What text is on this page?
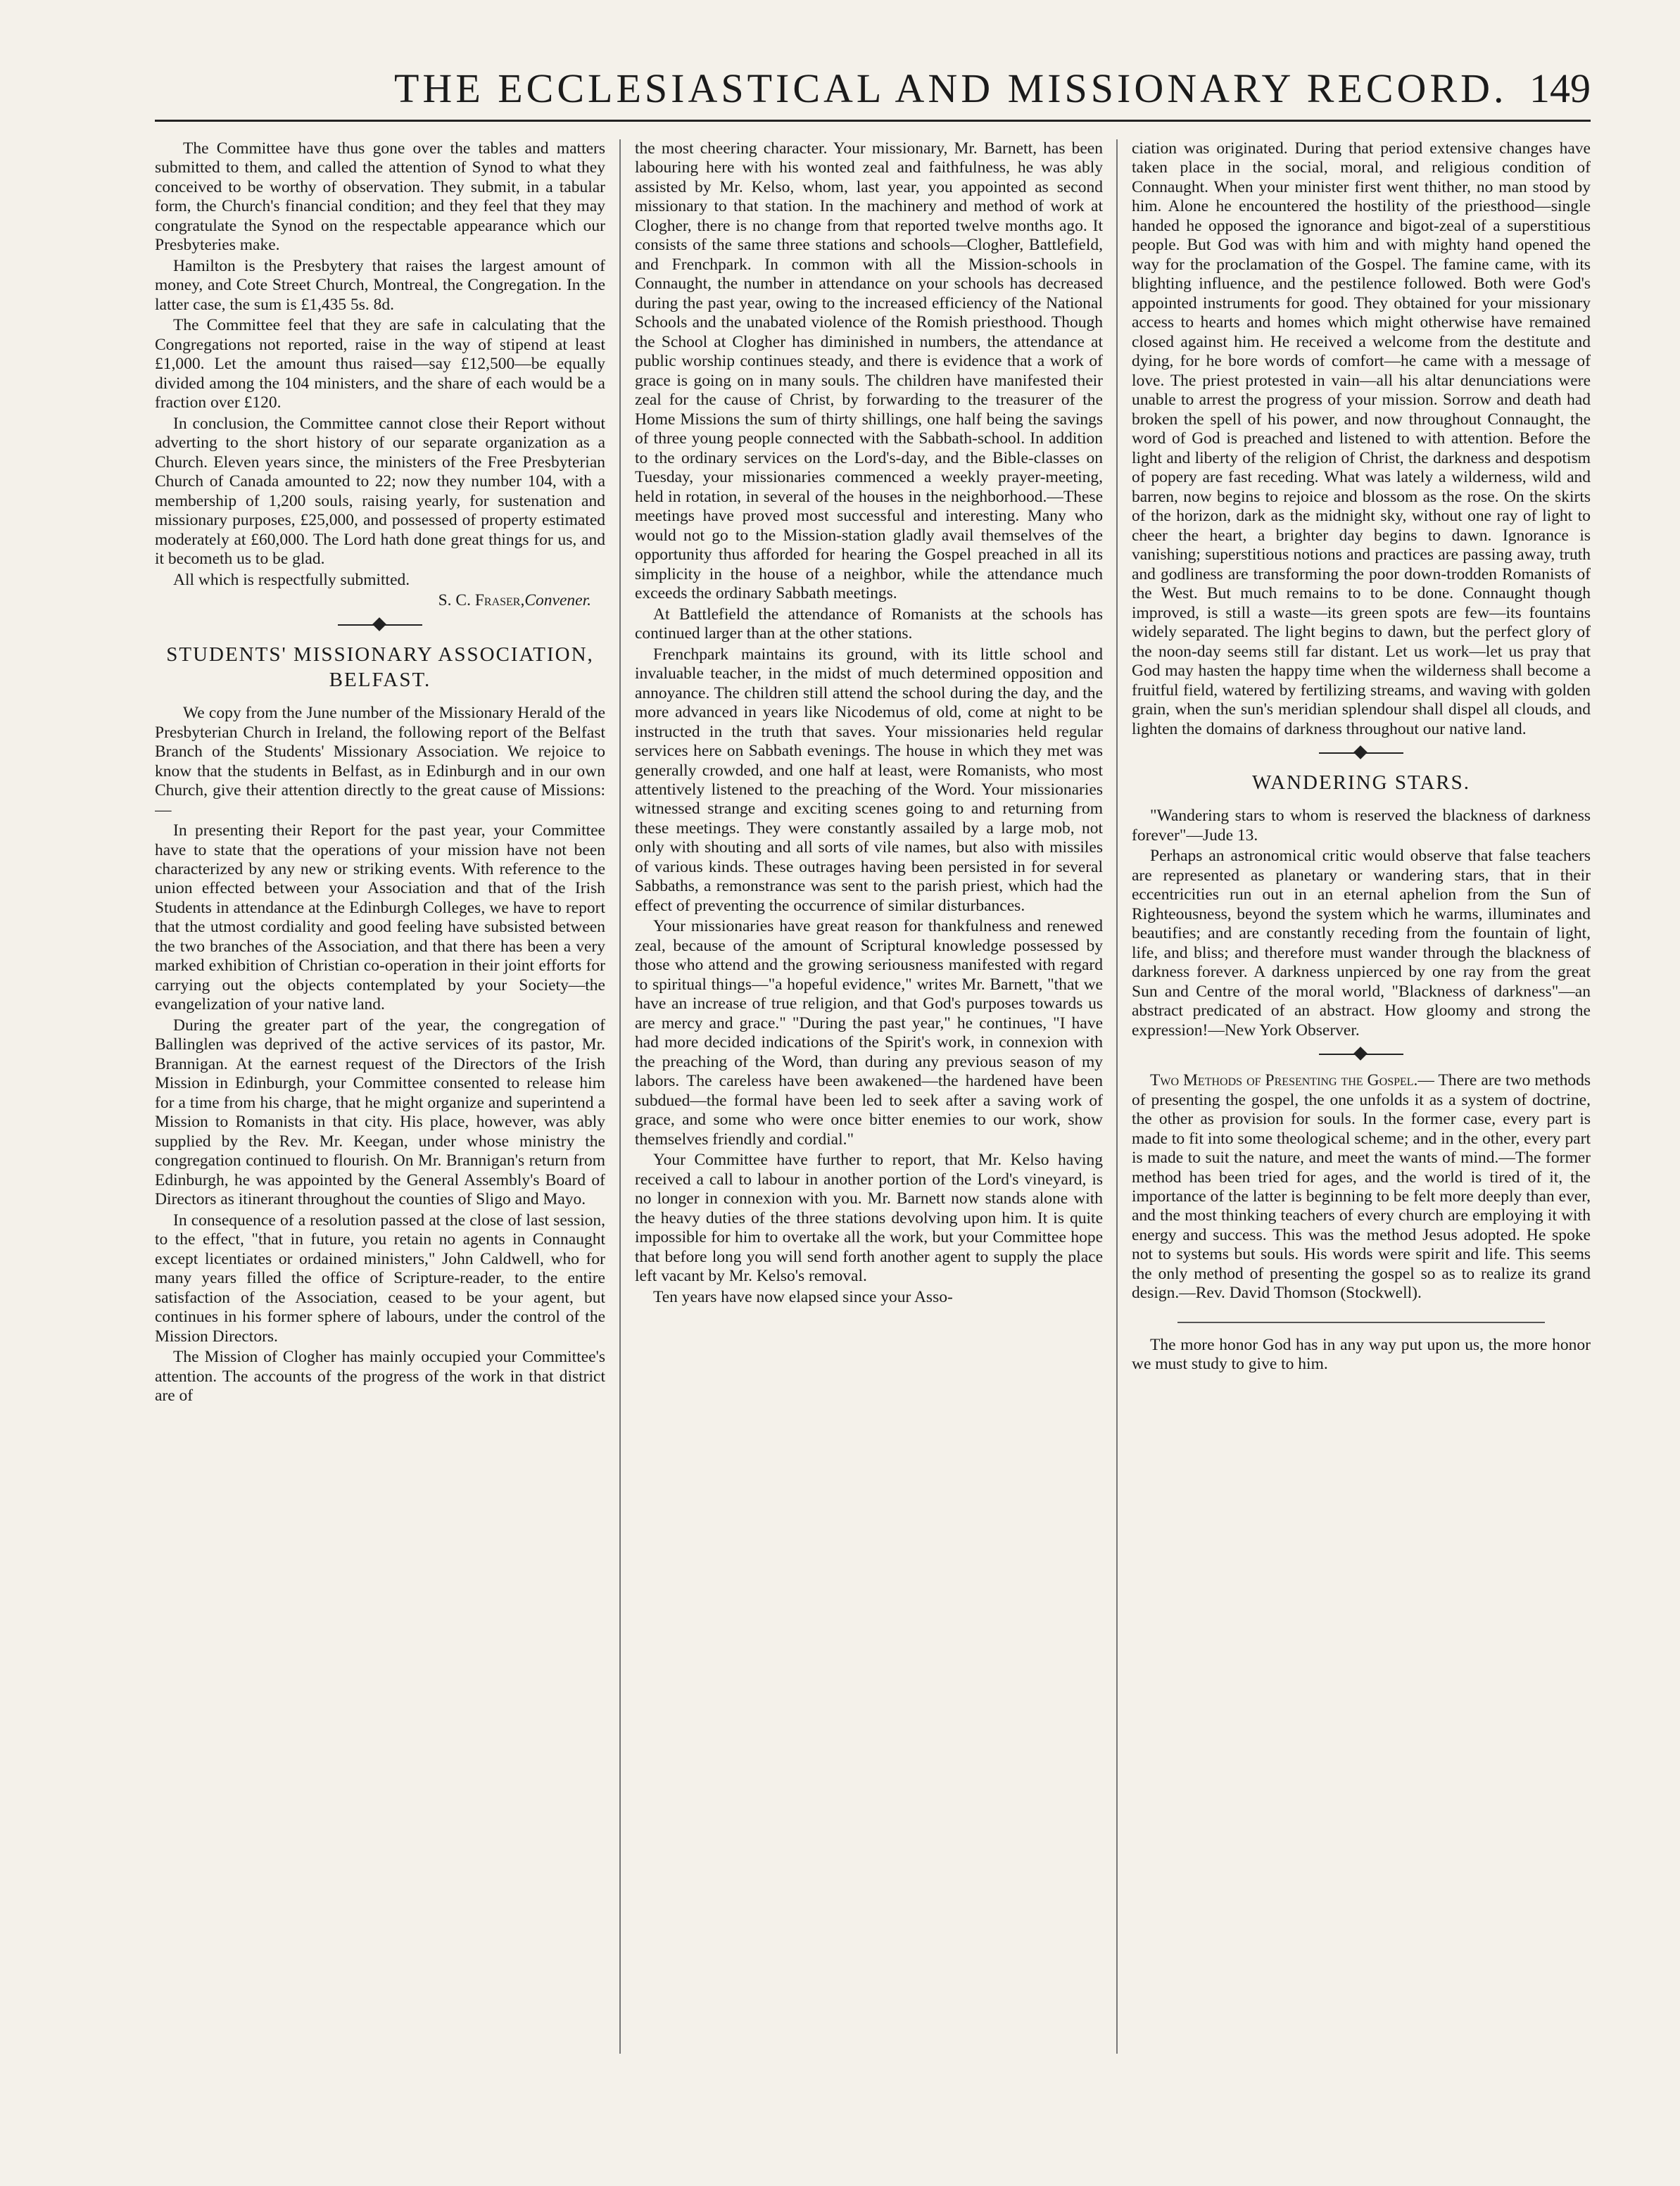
THE ECCLESIASTICAL AND MISSIONARY RECORD. 149

The Committee have thus gone over the tables and matters submitted to them, and called the attention of Synod to what they conceived to be worthy of observation. They submit, in a tabular form, the Church's financial condition; and they feel that they may congratulate the Synod on the respectable appearance which our Presbyteries make.

Hamilton is the Presbytery that raises the largest amount of money, and Cote Street Church, Montreal, the Congregation. In the latter case, the sum is £1,435 5s. 8d.

The Committee feel that they are safe in calculating that the Congregations not reported, raise in the way of stipend at least £1,000. Let the amount thus raised—say £12,500—be equally divided among the 104 ministers, and the share of each would be a fraction over £120.

In conclusion, the Committee cannot close their Report without adverting to the short history of our separate organization as a Church. Eleven years since, the ministers of the Free Presbyterian Church of Canada amounted to 22; now they number 104, with a membership of 1,200 souls, raising yearly, for sustenation and missionary purposes, £25,000, and possessed of property estimated moderately at £60,000. The Lord hath done great things for us, and it becometh us to be glad.

All which is respectfully submitted.

S. C. Fraser,Convener.

STUDENTS' MISSIONARY ASSOCIATION, BELFAST.

We copy from the June number of the Missionary Herald of the Presbyterian Church in Ireland, the following report of the Belfast Branch of the Students' Missionary Association. We rejoice to know that the students in Belfast, as in Edinburgh and in our own Church, give their attention directly to the great cause of Missions:—

In presenting their Report for the past year, your Committee have to state that the operations of your mission have not been characterized by any new or striking events. With reference to the union effected between your Association and that of the Irish Students in attendance at the Edinburgh Colleges, we have to report that the utmost cordiality and good feeling have subsisted between the two branches of the Association, and that there has been a very marked exhibition of Christian co-operation in their joint efforts for carrying out the objects contemplated by your Society—the evangelization of your native land.

During the greater part of the year, the congregation of Ballinglen was deprived of the active services of its pastor, Mr. Brannigan. At the earnest request of the Directors of the Irish Mission in Edinburgh, your Committee consented to release him for a time from his charge, that he might organize and superintend a Mission to Romanists in that city. His place, however, was ably supplied by the Rev. Mr. Keegan, under whose ministry the congregation continued to flourish. On Mr. Brannigan's return from Edinburgh, he was appointed by the General Assembly's Board of Directors as itinerant throughout the counties of Sligo and Mayo.

In consequence of a resolution passed at the close of last session, to the effect, "that in future, you retain no agents in Connaught except licentiates or ordained ministers," John Caldwell, who for many years filled the office of Scripture-reader, to the entire satisfaction of the Association, ceased to be your agent, but continues in his former sphere of labours, under the control of the Mission Directors.

The Mission of Clogher has mainly occupied your Committee's attention. The accounts of the progress of the work in that district are of

the most cheering character. Your missionary, Mr. Barnett, has been labouring here with his wonted zeal and faithfulness, he was ably assisted by Mr. Kelso, whom, last year, you appointed as second missionary to that station. In the machinery and method of work at Clogher, there is no change from that reported twelve months ago. It consists of the same three stations and schools—Clogher, Battlefield, and Frenchpark. In common with all the Mission-schools in Connaught, the number in attendance on your schools has decreased during the past year, owing to the increased efficiency of the National Schools and the unabated violence of the Romish priesthood. Though the School at Clogher has diminished in numbers, the attendance at public worship continues steady, and there is evidence that a work of grace is going on in many souls. The children have manifested their zeal for the cause of Christ, by forwarding to the treasurer of the Home Missions the sum of thirty shillings, one half being the savings of three young people connected with the Sabbath-school. In addition to the ordinary services on the Lord's-day, and the Bible-classes on Tuesday, your missionaries commenced a weekly prayer-meeting, held in rotation, in several of the houses in the neighborhood.—These meetings have proved most successful and interesting. Many who would not go to the Mission-station gladly avail themselves of the opportunity thus afforded for hearing the Gospel preached in all its simplicity in the house of a neighbor, while the attendance much exceeds the ordinary Sabbath meetings.

At Battlefield the attendance of Romanists at the schools has continued larger than at the other stations.

Frenchpark maintains its ground, with its little school and invaluable teacher, in the midst of much determined opposition and annoyance. The children still attend the school during the day, and the more advanced in years like Nicodemus of old, come at night to be instructed in the truth that saves. Your missionaries held regular services here on Sabbath evenings. The house in which they met was generally crowded, and one half at least, were Romanists, who most attentively listened to the preaching of the Word. Your missionaries witnessed strange and exciting scenes going to and returning from these meetings. They were constantly assailed by a large mob, not only with shouting and all sorts of vile names, but also with missiles of various kinds. These outrages having been persisted in for several Sabbaths, a remonstrance was sent to the parish priest, which had the effect of preventing the occurrence of similar disturbances.

Your missionaries have great reason for thankfulness and renewed zeal, because of the amount of Scriptural knowledge possessed by those who attend and the growing seriousness manifested with regard to spiritual things—"a hopeful evidence," writes Mr. Barnett, "that we have an increase of true religion, and that God's purposes towards us are mercy and grace." "During the past year," he continues, "I have had more decided indications of the Spirit's work, in connexion with the preaching of the Word, than during any previous season of my labors. The careless have been awakened—the hardened have been subdued—the formal have been led to seek after a saving work of grace, and some who were once bitter enemies to our work, show themselves friendly and cordial."

Your Committee have further to report, that Mr. Kelso having received a call to labour in another portion of the Lord's vineyard, is no longer in connexion with you. Mr. Barnett now stands alone with the heavy duties of the three stations devolving upon him. It is quite impossible for him to overtake all the work, but your Committee hope that before long you will send forth another agent to supply the place left vacant by Mr. Kelso's removal.

Ten years have now elapsed since your Asso-

ciation was originated. During that period extensive changes have taken place in the social, moral, and religious condition of Connaught. When your minister first went thither, no man stood by him. Alone he encountered the hostility of the priesthood—single handed he opposed the ignorance and bigot-zeal of a superstitious people. But God was with him and with mighty hand opened the way for the proclamation of the Gospel. The famine came, with its blighting influence, and the pestilence followed. Both were God's appointed instruments for good. They obtained for your missionary access to hearts and homes which might otherwise have remained closed against him. He received a welcome from the destitute and dying, for he bore words of comfort—he came with a message of love. The priest protested in vain—all his altar denunciations were unable to arrest the progress of your mission. Sorrow and death had broken the spell of his power, and now throughout Connaught, the word of God is preached and listened to with attention. Before the light and liberty of the religion of Christ, the darkness and despotism of popery are fast receding. What was lately a wilderness, wild and barren, now begins to rejoice and blossom as the rose. On the skirts of the horizon, dark as the midnight sky, without one ray of light to cheer the heart, a brighter day begins to dawn. Ignorance is vanishing; superstitious notions and practices are passing away, truth and godliness are transforming the poor down-trodden Romanists of the West. But much remains to to be done. Connaught though improved, is still a waste—its green spots are few—its fountains widely separated. The light begins to dawn, but the perfect glory of the noon-day seems still far distant. Let us work—let us pray that God may hasten the happy time when the wilderness shall become a fruitful field, watered by fertilizing streams, and waving with golden grain, when the sun's meridian splendour shall dispel all clouds, and lighten the domains of darkness throughout our native land.

WANDERING STARS.

"Wandering stars to whom is reserved the blackness of darkness forever"—Jude 13.

Perhaps an astronomical critic would observe that false teachers are represented as planetary or wandering stars, that in their eccentricities run out in an eternal aphelion from the Sun of Righteousness, beyond the system which he warms, illuminates and beautifies; and are constantly receding from the fountain of light, life, and bliss; and therefore must wander through the blackness of darkness forever. A darkness unpierced by one ray from the great Sun and Centre of the moral world, "Blackness of darkness"—an abstract predicated of an abstract. How gloomy and strong the expression!—New York Observer.

Two Methods of Presenting the Gospel.— There are two methods of presenting the gospel, the one unfolds it as a system of doctrine, the other as provision for souls. In the former case, every part is made to fit into some theological scheme; and in the other, every part is made to suit the nature, and meet the wants of mind.—The former method has been tried for ages, and the world is tired of it, the importance of the latter is beginning to be felt more deeply than ever, and the most thinking teachers of every church are employing it with energy and success. This was the method Jesus adopted. He spoke not to systems but souls. His words were spirit and life. This seems the only method of presenting the gospel so as to realize its grand design.—Rev. David Thomson (Stockwell).

The more honor God has in any way put upon us, the more honor we must study to give to him.
